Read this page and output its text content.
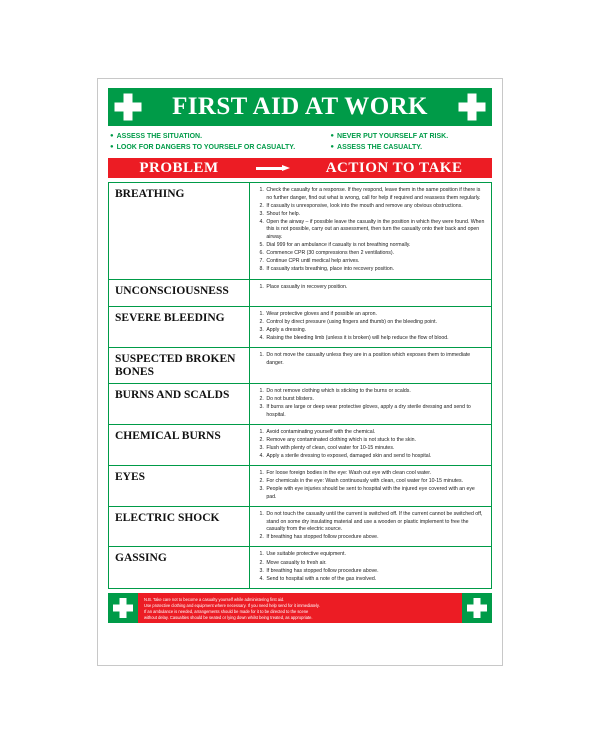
FIRST AID AT WORK
● ASSESS THE SITUATION.	● NEVER PUT YOURSELF AT RISK.
● LOOK FOR DANGERS TO YOURSELF OR CASUALTY.	● ASSESS THE CASUALTY.
PROBLEM	ACTION TO TAKE
BREATHING	1. Check the casualty for a response. If they respond, leave them in the same position if there is no further danger, find out what is wrong, call for help if required and reassess them regularly.
2. If casualty is unresponsive, look into the mouth and remove any obvious obstructions.
3. Shout for help.
4. Open the airway – if possible leave the casualty in the position in which they were found. When this is not possible, carry out an assessment, then turn the casualty onto their back and open airway.
5. Dial 999 for an ambulance if casualty is not breathing normally.
6. Commence CPR (30 compressions then 2 ventilations).
7. Continue CPR until medical help arrives.
8. If casualty starts breathing, place into recovery position.
UNCONSCIOUSNESS	1. Place casualty in recovery position.
SEVERE BLEEDING	1. Wear protective gloves and if possible an apron.
2. Control by direct pressure (using fingers and thumb) on the bleeding point.
3. Apply a dressing.
4. Raising the bleeding limb (unless it is broken) will help reduce the flow of blood.
SUSPECTED BROKEN BONES
1. Do not move the casualty unless they are in a position which exposes them to immediate danger.
BURNS AND SCALDS	1. Do not remove clothing which is sticking to the burns or scalds.
2. Do not burst blisters.
3. If burns are large or deep wear protective gloves, apply a dry sterile dressing and send to hospital.
CHEMICAL BURNS	1. Avoid contaminating yourself with the chemical.
2. Remove any contaminated clothing which is not stuck to the skin.
3. Flush with plenty of clean, cool water for 10-15 minutes.
4. Apply a sterile dressing to exposed, damaged skin and send to hospital.
EYES	1. For loose foreign bodies in the eye: Wash out eye with clean cool water.
2. For chemicals in the eye: Wash continuously with clean, cool water for 10-15 minutes.
3. People with eye injuries should be sent to hospital with the injured eye covered with an eye pad.
ELECTRIC SHOCK	1. Do not touch the casualty until the current is switched off. If the current cannot be switched off, stand on some dry insulating material and use a wooden or plastic implement to free the casualty from the electric source.
2. If breathing has stopped follow procedure above.
GASSING	1. Use suitable protective equipment.
2. Move casualty to fresh air.
3. If breathing has stopped follow procedure above.
4. Send to hospital with a note of the gas involved.
N.B. Take care not to become a casualty yourself while administering first aid.
Use protective clothing and equipment where necessary. If you need help send for it immediately.
If an ambulance is needed, arrangements should be made for it to be directed to the scene
without delay. Casualties should be seated or lying down whilst being treated, as appropriate.
